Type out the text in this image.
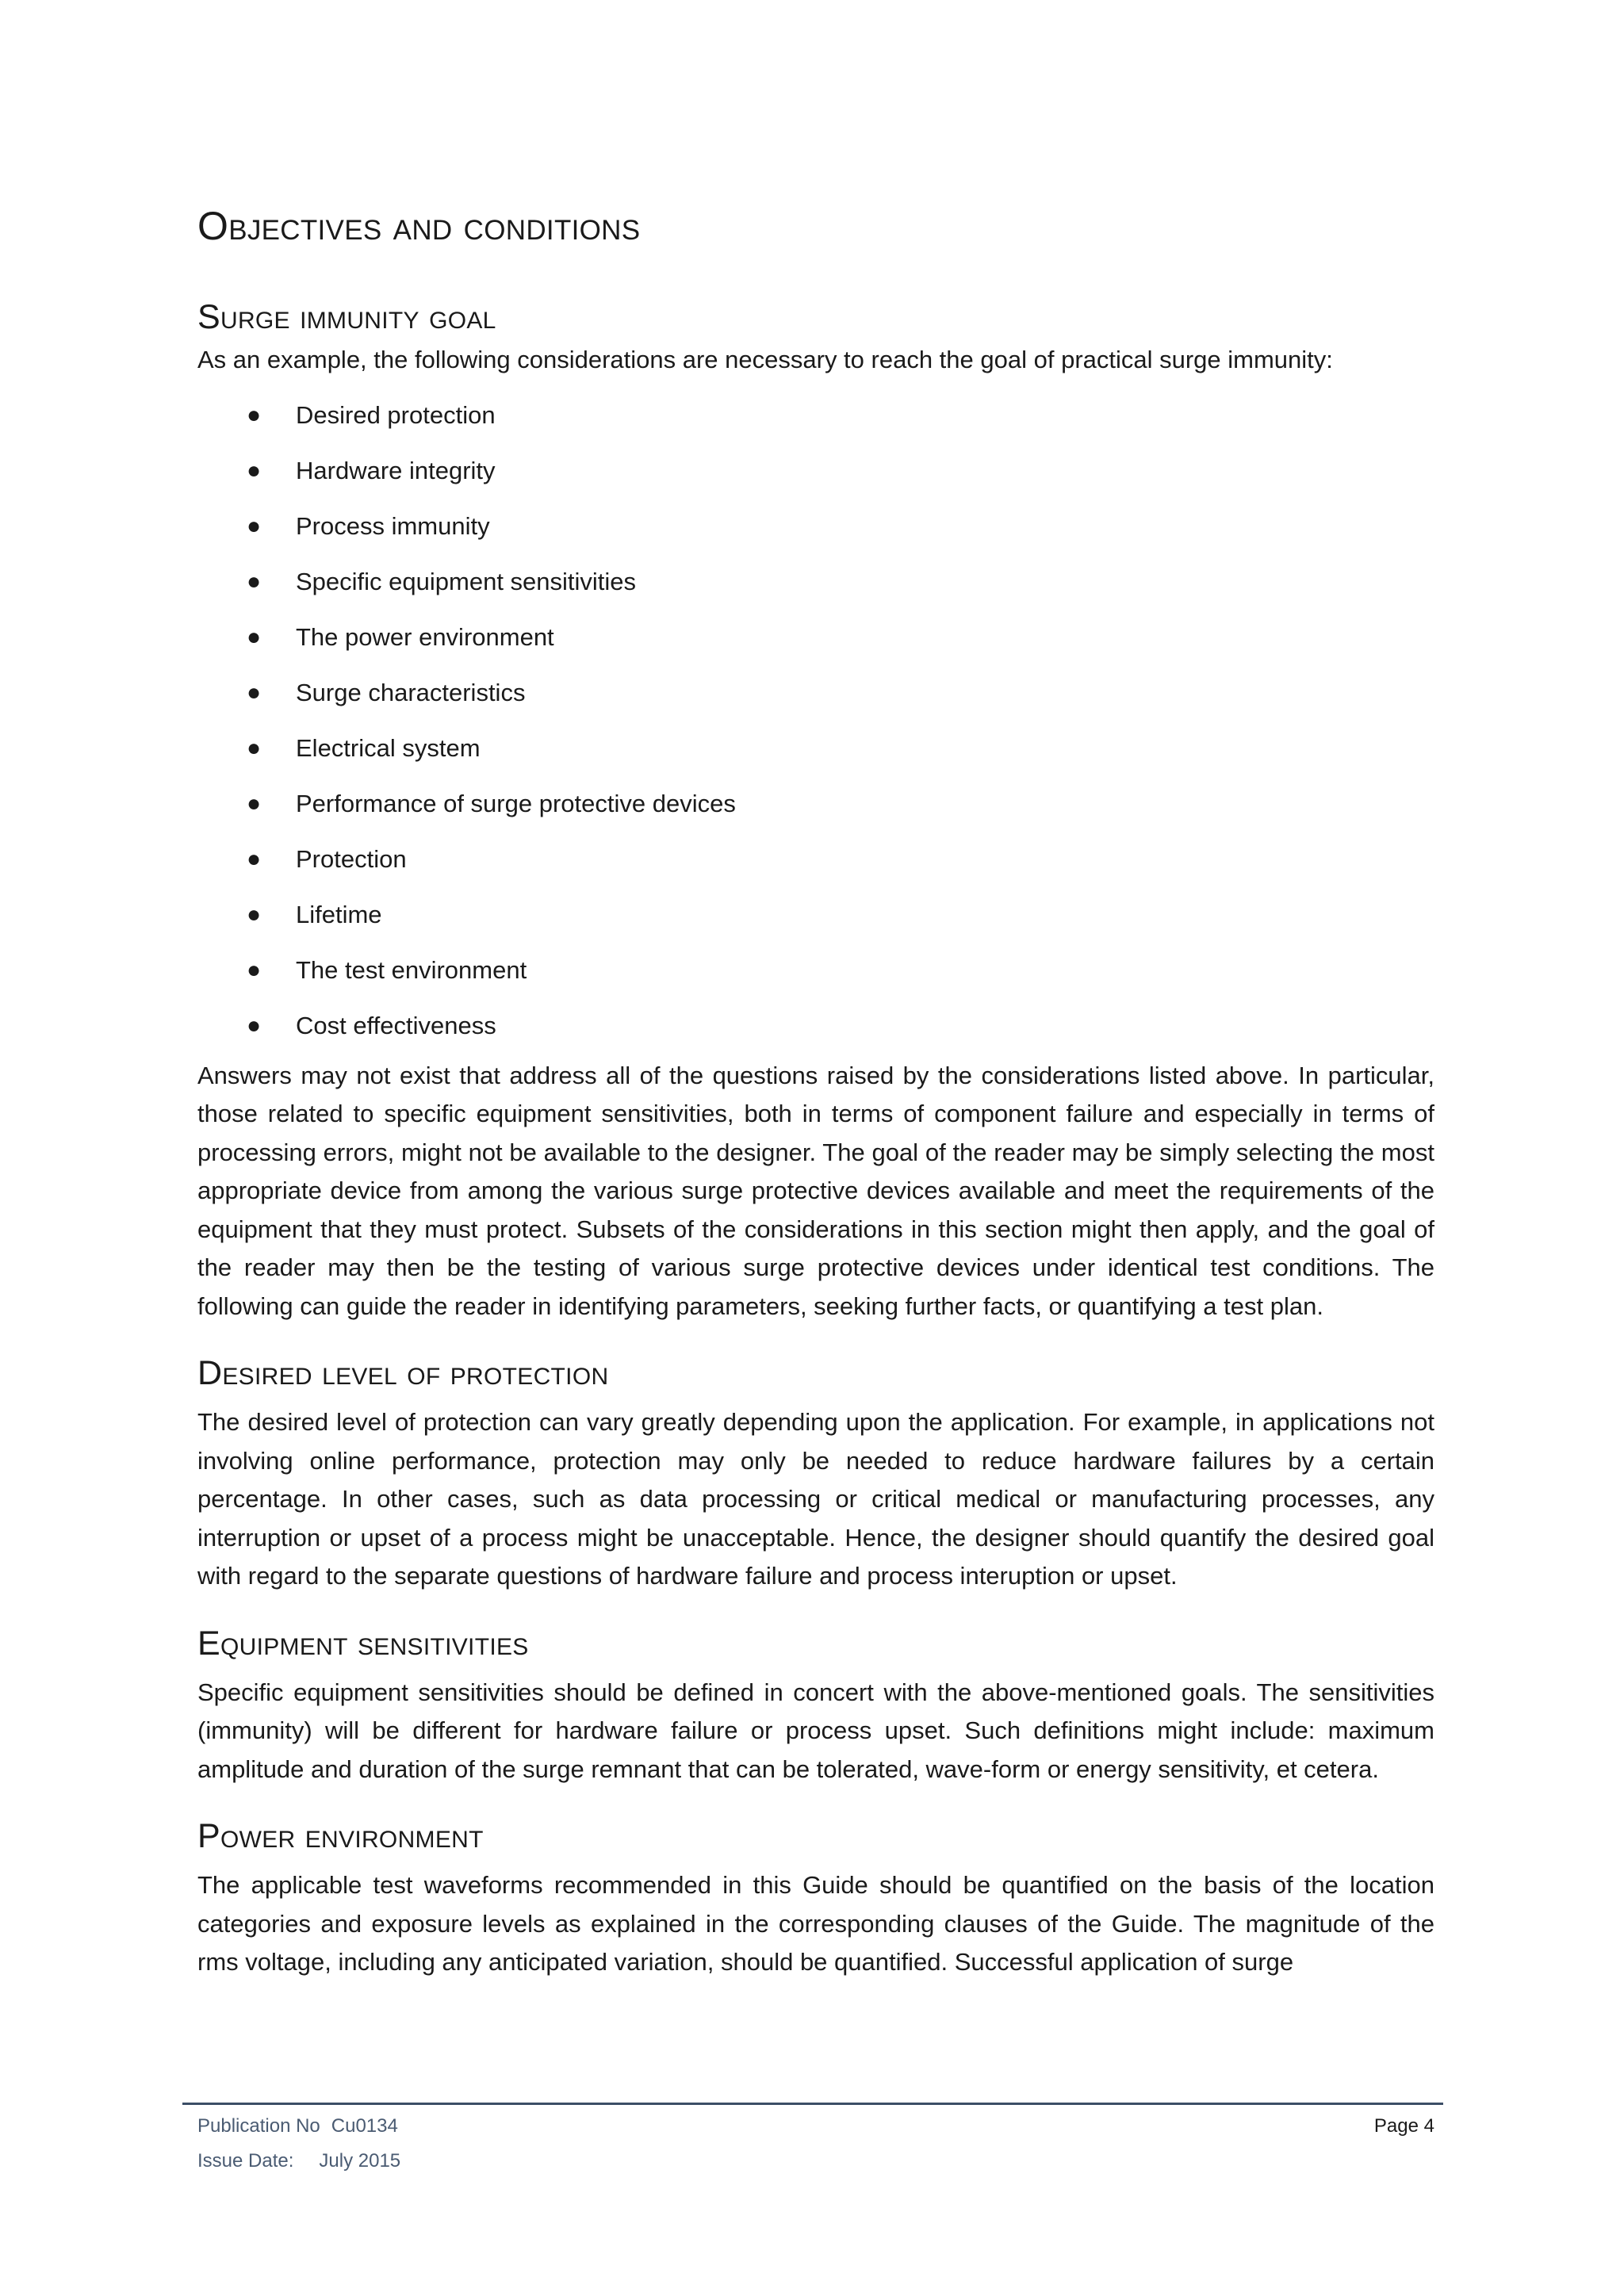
Objectives and conditions
Surge immunity goal

As an example, the following considerations are necessary to reach the goal of practical surge immunity:

● Desired protection
● Hardware integrity
● Process immunity
● Specific equipment sensitivities
● The power environment
● Surge characteristics
● Electrical system
● Performance of surge protective devices
● Protection
● Lifetime
● The test environment
● Cost effectiveness

Answers may not exist that address all of the questions raised by the considerations listed above. In particular, those related to specific equipment sensitivities, both in terms of component failure and especially in terms of processing errors, might not be available to the designer. The goal of the reader may be simply selecting the most appropriate device from among the various surge protective devices available and meet the requirements of the equipment that they must protect. Subsets of the considerations in this section might then apply, and the goal of the reader may then be the testing of various surge protective devices under identical test conditions. The following can guide the reader in identifying parameters, seeking further facts, or quantifying a test plan.

Desired level of protection

The desired level of protection can vary greatly depending upon the application. For example, in applications not involving online performance, protection may only be needed to reduce hardware failures by a certain percentage. In other cases, such as data processing or critical medical or manufacturing processes, any interruption or upset of a process might be unacceptable. Hence, the designer should quantify the desired goal with regard to the separate questions of hardware failure and process interuption or upset.

Equipment sensitivities

Specific equipment sensitivities should be defined in concert with the above-mentioned goals. The sensitivities (immunity) will be different for hardware failure or process upset. Such definitions might include: maximum amplitude and duration of the surge remnant that can be tolerated, wave-form or energy sensitivity, et cetera.

Power environment

The applicable test waveforms recommended in this Guide should be quantified on the basis of the location categories and exposure levels as explained in the corresponding clauses of the Guide. The magnitude of the rms voltage, including any anticipated variation, should be quantified. Successful application of surge

Publication No Cu0134	Page 4
Issue Date: July 2015
